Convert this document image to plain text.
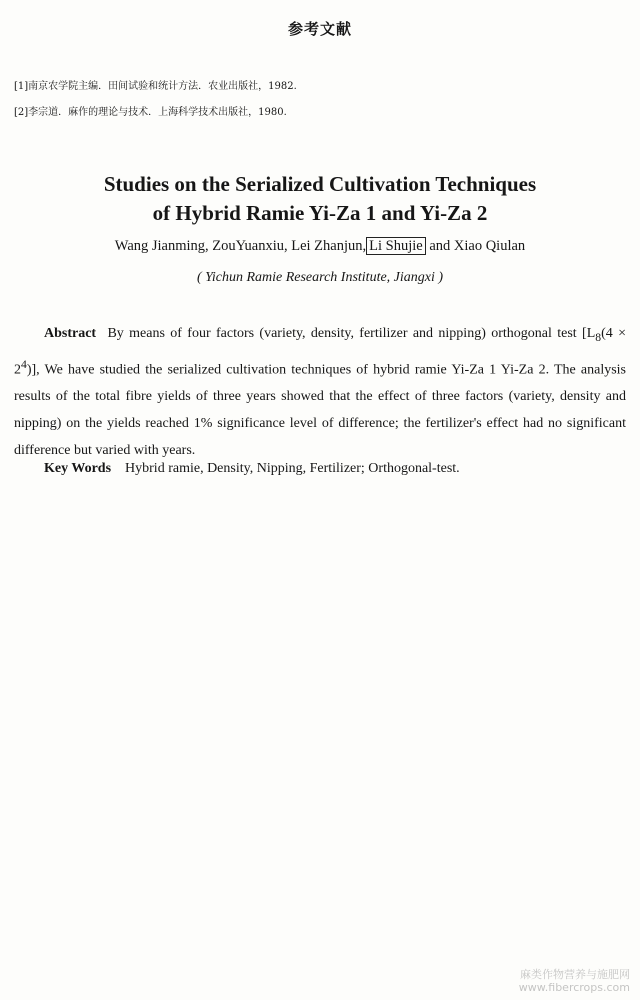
参考文献
[1]南京农学院主编．田间试验和统计方法．农业出版社，1982.
[2]李宗道．麻作的理论与技术．上海科学技术出版社，1980.
Studies on the Serialized Cultivation Techniques
of Hybrid Ramie Yi-Za 1 and Yi-Za 2
Wang Jianming, ZouYuanxiu, Lei Zhanjun, Li Shujie and Xiao Qiulan
( Yichun Ramie Research Institute, Jiangxi )
Abstract By means of four factors (variety, density, fertilizer and nipping) orthogonal test $[L_8(4 \times 2^4)]$, We have studied the serialized cultivation techniques of hybrid ramie Yi-Za 1 Yi-Za 2. The analysis results of the total fibre yields of three years showed that the effect of three factors (variety, density and nipping) on the yields reached 1% significance level of difference; the fertilizer's effect had no significant difference but varied with years.
Key Words Hybrid ramie, Density, Nipping, Fertilizer; Orthogonal-test.
麻类作物营养与施肥网
www.fibercrops.com
